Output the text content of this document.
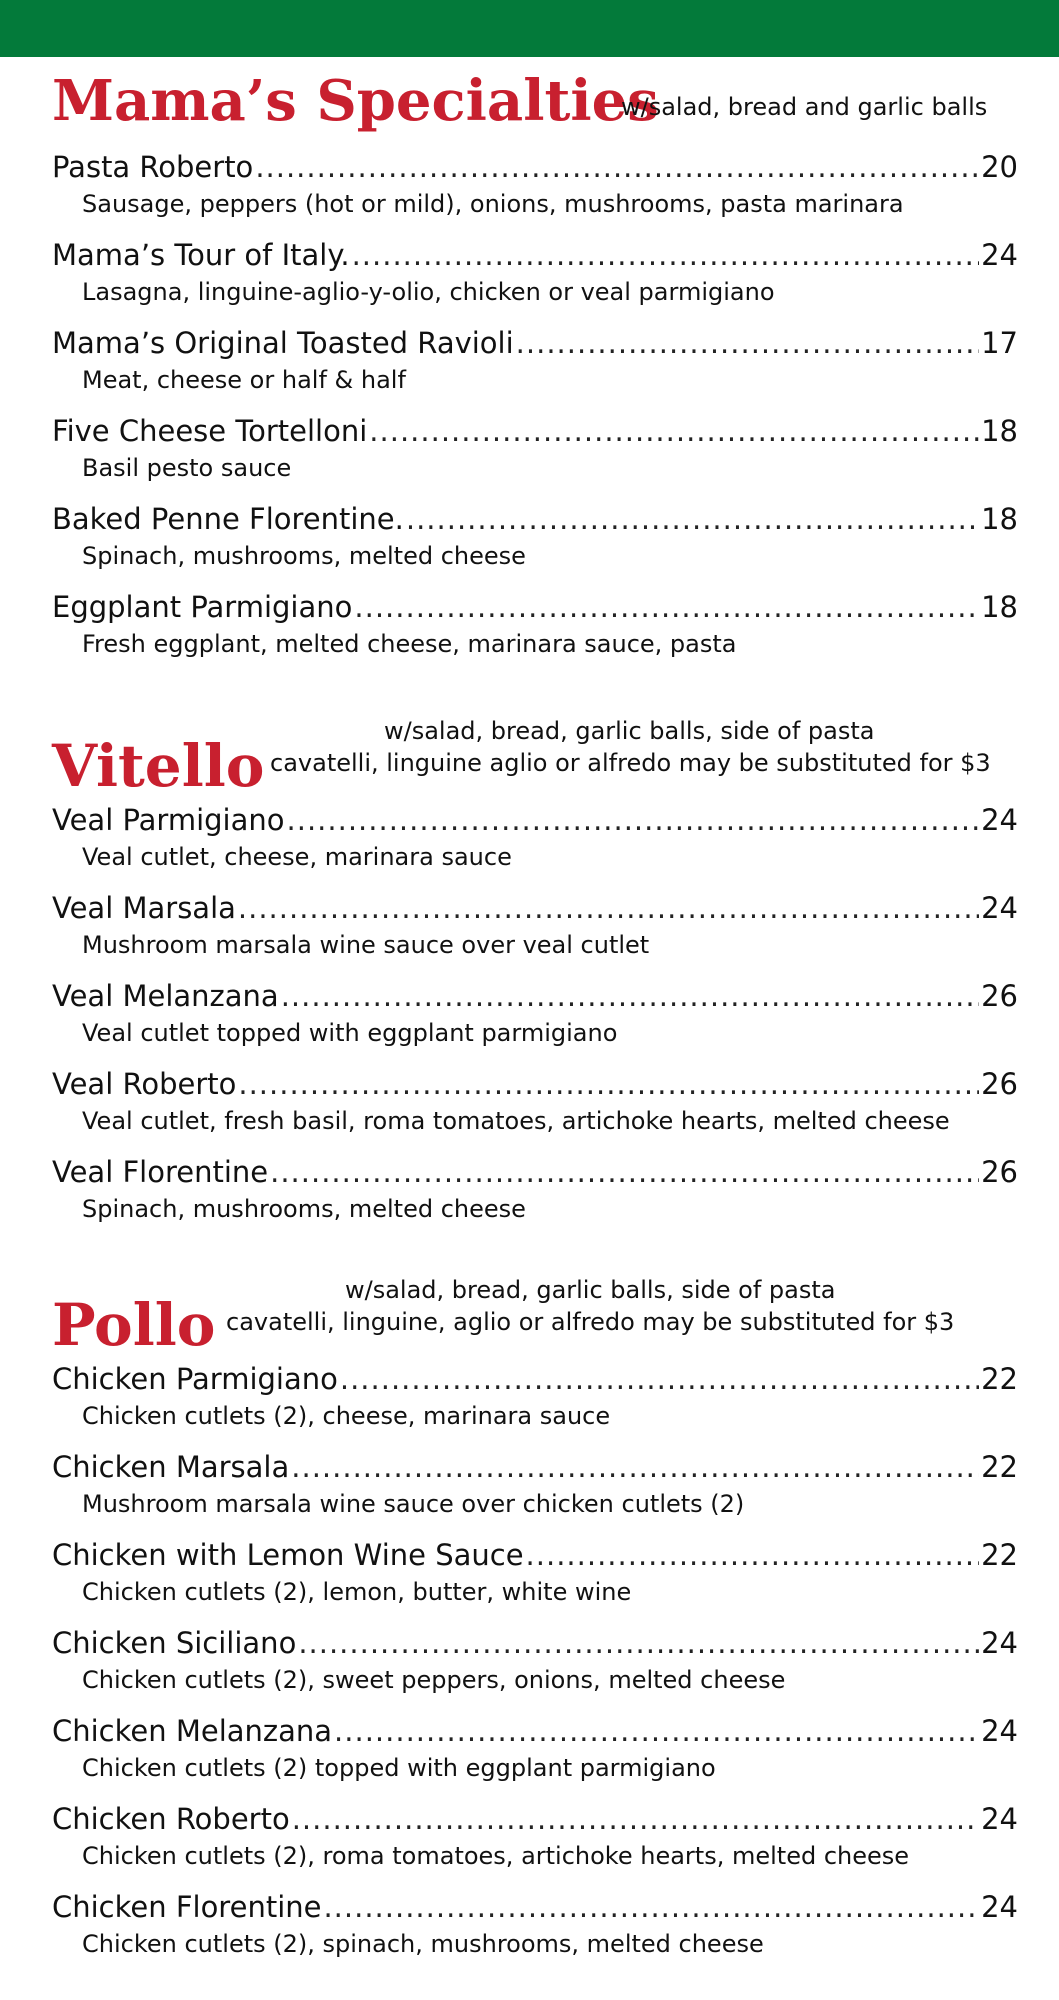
Mama’s Specialties
w/salad, bread and garlic balls
Pasta Roberto .....	20
Sausage, peppers (hot or mild), onions, mushrooms, pasta marinara
Mama’s Tour of Italy. .....	24
Lasagna, linguine-aglio-y-olio, chicken or veal parmigiano
Mama’s Original Toasted Ravioli .....	17
Meat, cheese or half & half
Five Cheese Tortelloni .....	18
Basil pesto sauce
Baked Penne Florentine. .....	18
Spinach, mushrooms, melted cheese
Eggplant Parmigiano .....	18
Fresh eggplant, melted cheese, marinara sauce, pasta
Vitello
w/salad, bread, garlic balls, side of pasta
cavatelli, linguine aglio or alfredo may be substituted for $3
Veal Parmigiano .....	24
Veal cutlet, cheese, marinara sauce
Veal Marsala .....	24
Mushroom marsala wine sauce over veal cutlet
Veal Melanzana .....	26
Veal cutlet topped with eggplant parmigiano
Veal Roberto .....	26
Veal cutlet, fresh basil, roma tomatoes, artichoke hearts, melted cheese
Veal Florentine .....	26
Spinach, mushrooms, melted cheese
Pollo
w/salad, bread, garlic balls, side of pasta
cavatelli, linguine, aglio or alfredo may be substituted for $3
Chicken Parmigiano .....	22
Chicken cutlets (2), cheese, marinara sauce
Chicken Marsala .....	22
Mushroom marsala wine sauce over chicken cutlets (2)
Chicken with Lemon Wine Sauce .....	22
Chicken cutlets (2), lemon, butter, white wine
Chicken Siciliano .....	24
Chicken cutlets (2), sweet peppers, onions, melted cheese
Chicken Melanzana .....	24
Chicken cutlets (2) topped with eggplant parmigiano
Chicken Roberto .....	24
Chicken cutlets (2), roma tomatoes, artichoke hearts, melted cheese
Chicken Florentine .....	24
Chicken cutlets (2), spinach, mushrooms, melted cheese
